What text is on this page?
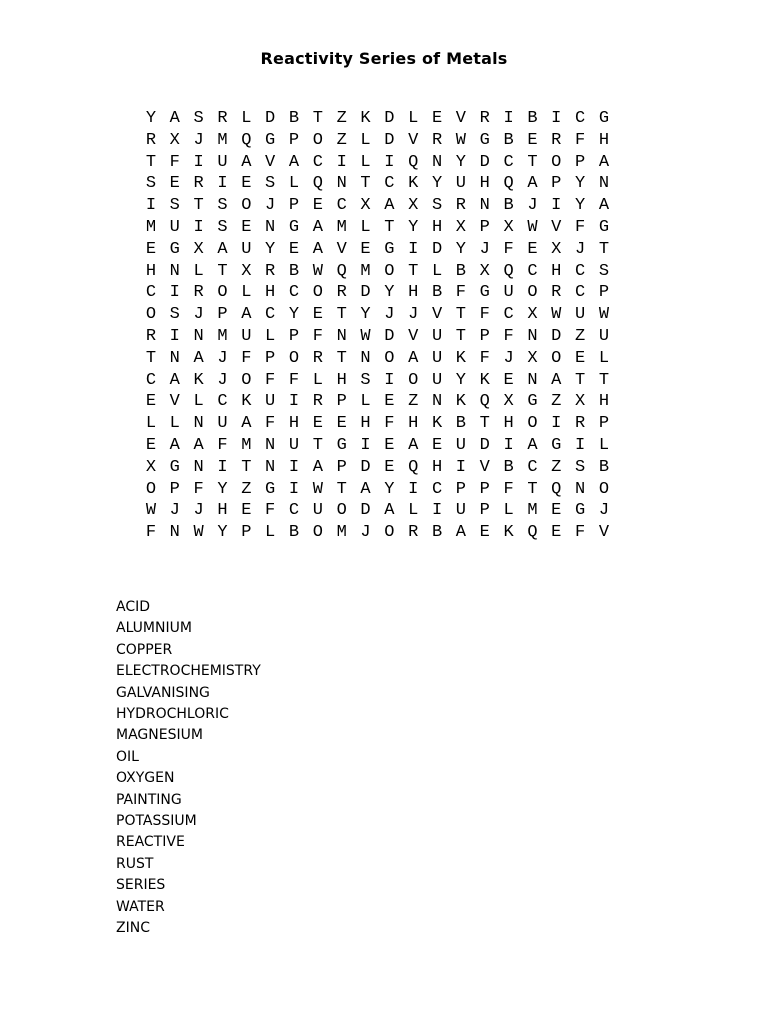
Reactivity Series of Metals
Y A S R L D B T Z K D L E V R I B I C G
R X J M Q G P O Z L D V R W G B E R F H
T F I U A V A C I L I Q N Y D C T O P A
S E R I E S L Q N T C K Y U H Q A P Y N
I S T S O J P E C X A X S R N B J I Y A
M U I S E N G A M L T Y H X P X W V F G
E G X A U Y E A V E G I D Y J F E X J T
H N L T X R B W Q M O T L B X Q C H C S
C I R O L H C O R D Y H B F G U O R C P
O S J P A C Y E T Y J J V T F C X W U W
R I N M U L P F N W D V U T P F N D Z U
T N A J F P O R T N O A U K F J X O E L
C A K J O F F L H S I O U Y K E N A T T
E V L C K U I R P L E Z N K Q X G Z X H
L L N U A F H E E H F H K B T H O I R P
E A A F M N U T G I E A E U D I A G I L
X G N I T N I A P D E Q H I V B C Z S B
O P F Y Z G I W T A Y I C P P F T Q N O
W J J H E F C U O D A L I U P L M E G J
F N W Y P L B O M J O R B A E K Q E F V
ACID
ALUMNIUM
COPPER
ELECTROCHEMISTRY
GALVANISING
HYDROCHLORIC
MAGNESIUM
OIL
OXYGEN
PAINTING
POTASSIUM
REACTIVE
RUST
SERIES
WATER
ZINC
